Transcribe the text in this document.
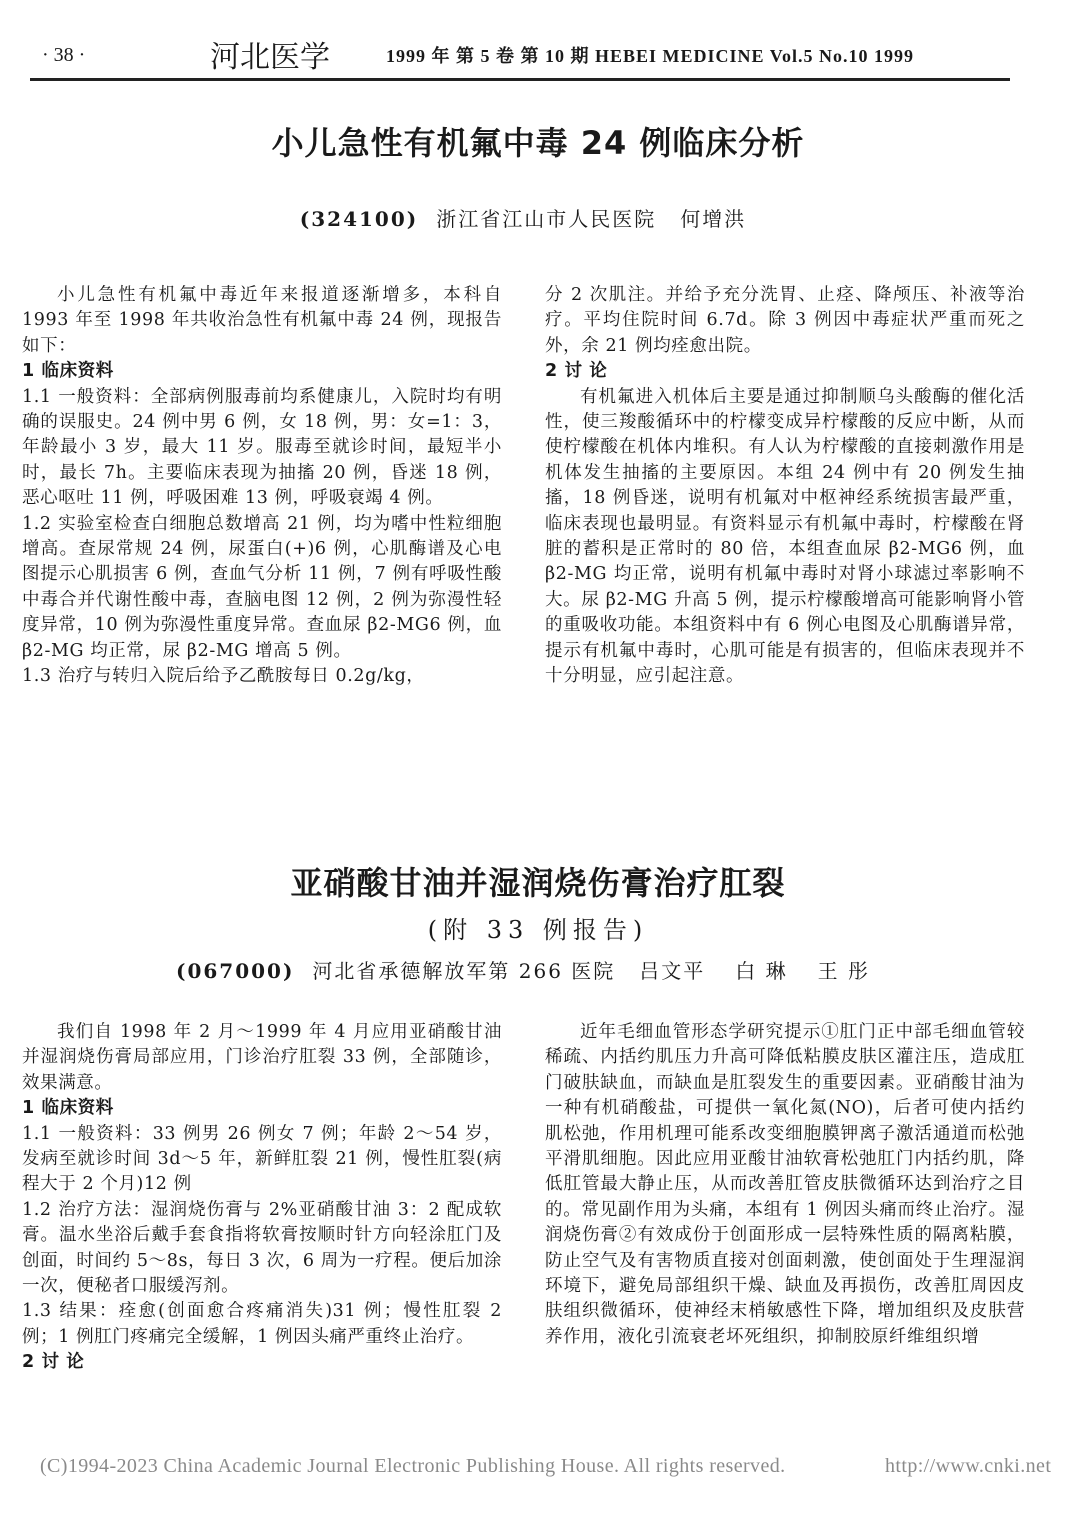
· 38 ·	河北医学	1999 年 第 5 卷 第 10 期 HEBEI MEDICINE Vol.5 No.10 1999
小儿急性有机氟中毒 24 例临床分析
(324100) 浙江省江山市人民医院 何增洪

小儿急性有机氟中毒近年来报道逐渐增多，本科自 1993 年至 1998 年共收治急性有机氟中毒 24 例，现报告如下：

1 临床资料

1.1 一般资料：全部病例服毒前均系健康儿，入院时均有明确的误服史。24 例中男 6 例，女 18 例，男：女=1：3，年龄最小 3 岁，最大 11 岁。服毒至就诊时间，最短半小时，最长 7h。主要临床表现为抽搐 20 例，昏迷 18 例，恶心呕吐 11 例，呼吸困难 13 例，呼吸衰竭 4 例。

1.2 实验室检查白细胞总数增高 21 例，均为嗜中性粒细胞增高。查尿常规 24 例，尿蛋白(+)6 例，心肌酶谱及心电图提示心肌损害 6 例，查血气分析 11 例，7 例有呼吸性酸中毒合并代谢性酸中毒，查脑电图 12 例，2 例为弥漫性轻度异常，10 例为弥漫性重度异常。查血尿 β2-MG6 例，血 β2-MG 均正常，尿 β2-MG 增高 5 例。

1.3 治疗与转归入院后给予乙酰胺每日 0.2g/kg，

分 2 次肌注。并给予充分洗胃、止痉、降颅压、补液等治疗。平均住院时间 6.7d。除 3 例因中毒症状严重而死之外，余 21 例均痊愈出院。

2 讨 论

有机氟进入机体后主要是通过抑制顺乌头酸酶的催化活性，使三羧酸循环中的柠檬变成异柠檬酸的反应中断，从而使柠檬酸在机体内堆积。有人认为柠檬酸的直接刺激作用是机体发生抽搐的主要原因。本组 24 例中有 20 例发生抽搐，18 例昏迷，说明有机氟对中枢神经系统损害最严重，临床表现也最明显。有资料显示有机氟中毒时，柠檬酸在肾脏的蓄积是正常时的 80 倍，本组查血尿 β2-MG6 例，血 β2-MG 均正常，说明有机氟中毒时对肾小球滤过率影响不大。尿 β2-MG 升高 5 例，提示柠檬酸增高可能影响肾小管的重吸收功能。本组资料中有 6 例心电图及心肌酶谱异常，提示有机氟中毒时，心肌可能是有损害的，但临床表现并不十分明显，应引起注意。

亚硝酸甘油并湿润烧伤膏治疗肛裂
(附 33 例报告)
(067000) 河北省承德解放军第 266 医院 吕文平 白 琳 王 彤

我们自 1998 年 2 月～1999 年 4 月应用亚硝酸甘油并湿润烧伤膏局部应用，门诊治疗肛裂 33 例，全部随诊，效果满意。

1 临床资料

1.1 一般资料：33 例男 26 例女 7 例；年龄 2～54 岁，发病至就诊时间 3d～5 年，新鲜肛裂 21 例，慢性肛裂(病程大于 2 个月)12 例

1.2 治疗方法：湿润烧伤膏与 2%亚硝酸甘油 3：2 配成软膏。温水坐浴后戴手套食指将软膏按顺时针方向轻涂肛门及创面，时间约 5～8s，每日 3 次，6 周为一疗程。便后加涂一次，便秘者口服缓泻剂。

1.3 结果：痊愈(创面愈合疼痛消失)31 例；慢性肛裂 2 例；1 例肛门疼痛完全缓解，1 例因头痛严重终止治疗。

2 讨 论

近年毛细血管形态学研究提示①肛门正中部毛细血管较稀疏、内括约肌压力升高可降低粘膜皮肤区灌注压，造成肛门破肤缺血，而缺血是肛裂发生的重要因素。亚硝酸甘油为一种有机硝酸盐，可提供一氧化氮(NO)，后者可使内括约肌松弛，作用机理可能系改变细胞膜钾离子激活通道而松弛平滑肌细胞。因此应用亚酸甘油软膏松弛肛门内括约肌，降低肛管最大静止压，从而改善肛管皮肤微循环达到治疗之目的。常见副作用为头痛，本组有 1 例因头痛而终止治疗。湿润烧伤膏②有效成份于创面形成一层特殊性质的隔离粘膜，防止空气及有害物质直接对创面刺激，使创面处于生理湿润环境下，避免局部组织干燥、缺血及再损伤，改善肛周因皮肤组织微循环，使神经末梢敏感性下降，增加组织及皮肤营养作用，液化引流衰老坏死组织，抑制胶原纤维组织增

(C)1994-2023 China Academic Journal Electronic Publishing House. All rights reserved.	http://www.cnki.net
